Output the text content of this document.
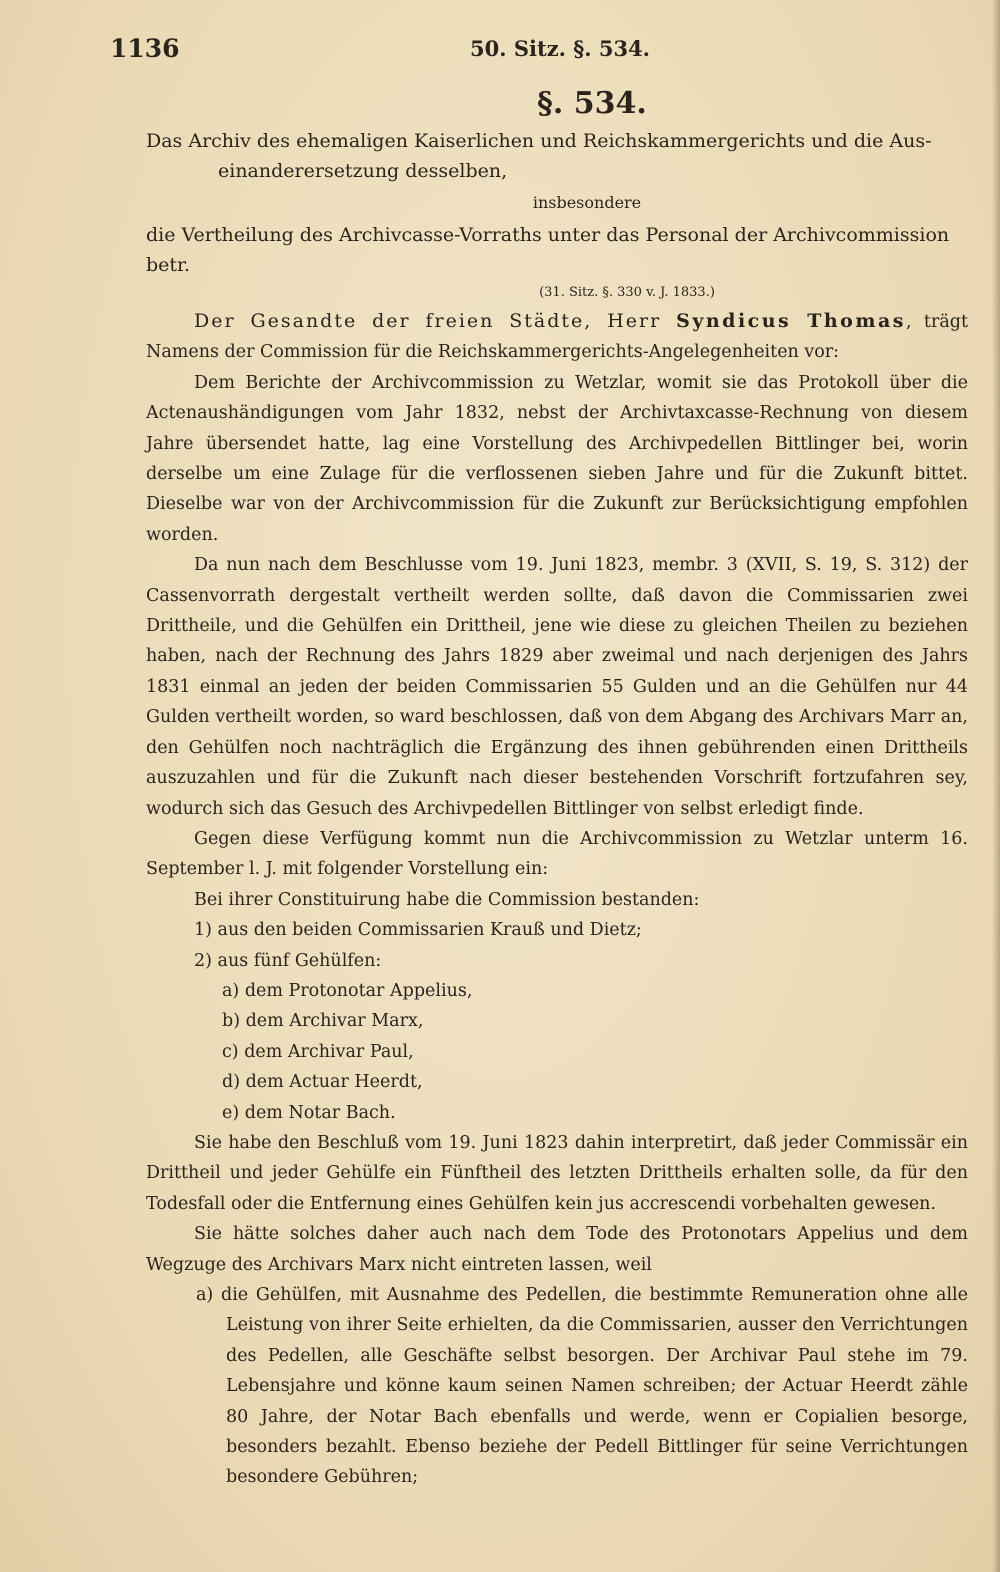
1136	50. Sitz. §. 534.
§. 534.
Das Archiv des ehemaligen Kaiserlichen und Reichskammergerichts und die Aus-
einanderersetzung desselben,
insbesondere
die Vertheilung des Archivcasse-Vorraths unter das Personal der Archivcommission betr.
(31. Sitz. §. 330 v. J. 1833.)

Der Gesandte der freien Städte, Herr Syndicus Thomas, trägt Namens der Commission für die Reichskammergerichts-Angelegenheiten vor:

Dem Berichte der Archivcommission zu Wetzlar, womit sie das Protokoll über die Actenaushändigungen vom Jahr 1832, nebst der Archivtaxcasse-Rechnung von diesem Jahre übersendet hatte, lag eine Vorstellung des Archivpedellen Bittlinger bei, worin derselbe um eine Zulage für die verflossenen sieben Jahre und für die Zukunft bittet. Dieselbe war von der Archivcommission für die Zukunft zur Berücksichtigung empfohlen worden.

Da nun nach dem Beschlusse vom 19. Juni 1823, membr. 3 (XVII, S. 19, S. 312) der Cassenvorrath dergestalt vertheilt werden sollte, daß davon die Commissarien zwei Drittheile, und die Gehülfen ein Drittheil, jene wie diese zu gleichen Theilen zu beziehen haben, nach der Rechnung des Jahrs 1829 aber zweimal und nach derjenigen des Jahrs 1831 einmal an jeden der beiden Commissarien 55 Gulden und an die Gehülfen nur 44 Gulden vertheilt worden, so ward beschlossen, daß von dem Abgang des Archivars Marr an, den Gehülfen noch nachträglich die Ergänzung des ihnen gebührenden einen Drittheils auszuzahlen und für die Zukunft nach dieser bestehenden Vorschrift fortzufahren sey, wodurch sich das Gesuch des Archivpedellen Bittlinger von selbst erledigt finde.

Gegen diese Verfügung kommt nun die Archivcommission zu Wetzlar unterm 16. September l. J. mit folgender Vorstellung ein:

Bei ihrer Constituirung habe die Commission bestanden:

1) aus den beiden Commissarien Krauß und Dietz;
2) aus fünf Gehülfen:
a) dem Protonotar Appelius,
b) dem Archivar Marx,
c) dem Archivar Paul,
d) dem Actuar Heerdt,
e) dem Notar Bach.

Sie habe den Beschluß vom 19. Juni 1823 dahin interpretirt, daß jeder Commissär ein Drittheil und jeder Gehülfe ein Fünftheil des letzten Drittheils erhalten solle, da für den Todesfall oder die Entfernung eines Gehülfen kein jus accrescendi vorbehalten gewesen.

Sie hätte solches daher auch nach dem Tode des Protonotars Appelius und dem Wegzuge des Archivars Marx nicht eintreten lassen, weil

a) die Gehülfen, mit Ausnahme des Pedellen, die bestimmte Remuneration ohne alle Leistung von ihrer Seite erhielten, da die Commissarien, ausser den Verrichtungen des Pedellen, alle Geschäfte selbst besorgen. Der Archivar Paul stehe im 79. Lebensjahre und könne kaum seinen Namen schreiben; der Actuar Heerdt zähle 80 Jahre, der Notar Bach ebenfalls und werde, wenn er Copialien besorge, besonders bezahlt. Ebenso beziehe der Pedell Bittlinger für seine Verrichtungen besondere Gebühren;
